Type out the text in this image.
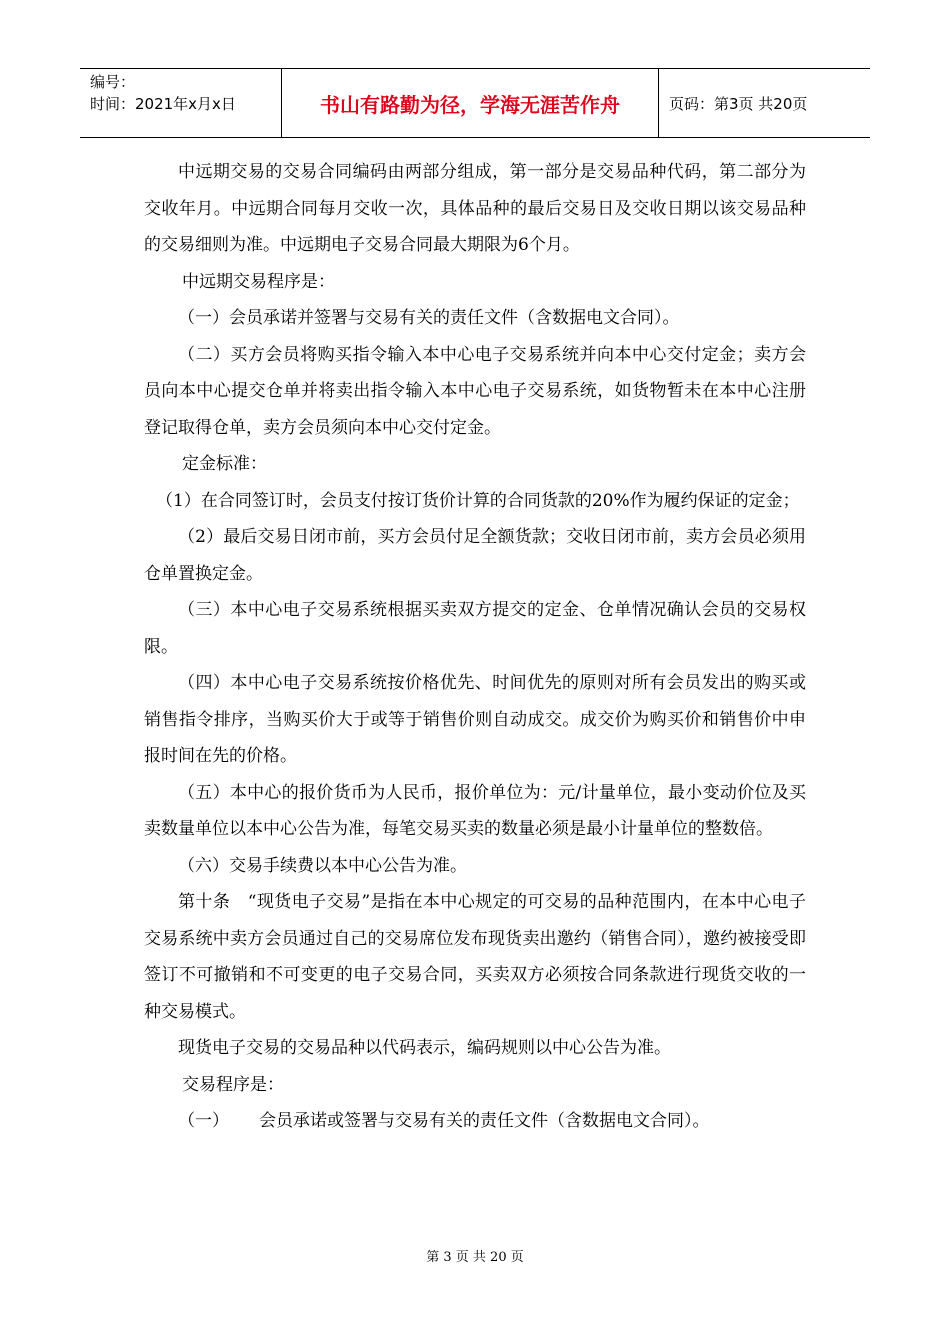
编号：
时间：2021年x月x日	书山有路勤为径，学海无涯苦作舟	页码：第3页 共20页

中远期交易的交易合同编码由两部分组成，第一部分是交易品种代码，第二部分为交收年月。中远期合同每月交收一次，具体品种的最后交易日及交收日期以该交易品种的交易细则为准。中远期电子交易合同最大期限为6个月。

中远期交易程序是：

（一）会员承诺并签署与交易有关的责任文件（含数据电文合同）。

（二）买方会员将购买指令输入本中心电子交易系统并向本中心交付定金；卖方会员向本中心提交仓单并将卖出指令输入本中心电子交易系统，如货物暂未在本中心注册登记取得仓单，卖方会员须向本中心交付定金。

定金标准：

（1）在合同签订时，会员支付按订货价计算的合同货款的20%作为履约保证的定金；

（2）最后交易日闭市前，买方会员付足全额货款；交收日闭市前，卖方会员必须用仓单置换定金。

（三）本中心电子交易系统根据买卖双方提交的定金、仓单情况确认会员的交易权限。

（四）本中心电子交易系统按价格优先、时间优先的原则对所有会员发出的购买或销售指令排序，当购买价大于或等于销售价则自动成交。成交价为购买价和销售价中申报时间在先的价格。

（五）本中心的报价货币为人民币，报价单位为：元/计量单位，最小变动价位及买卖数量单位以本中心公告为准，每笔交易买卖的数量必须是最小计量单位的整数倍。

（六）交易手续费以本中心公告为准。

第十条　“现货电子交易”是指在本中心规定的可交易的品种范围内，在本中心电子交易系统中卖方会员通过自己的交易席位发布现货卖出邀约（销售合同），邀约被接受即签订不可撤销和不可变更的电子交易合同，买卖双方必须按合同条款进行现货交收的一种交易模式。

现货电子交易的交易品种以代码表示，编码规则以中心公告为准。

交易程序是：

（一） 会员承诺或签署与交易有关的责任文件（含数据电文合同）。

第 3 页 共 20 页
